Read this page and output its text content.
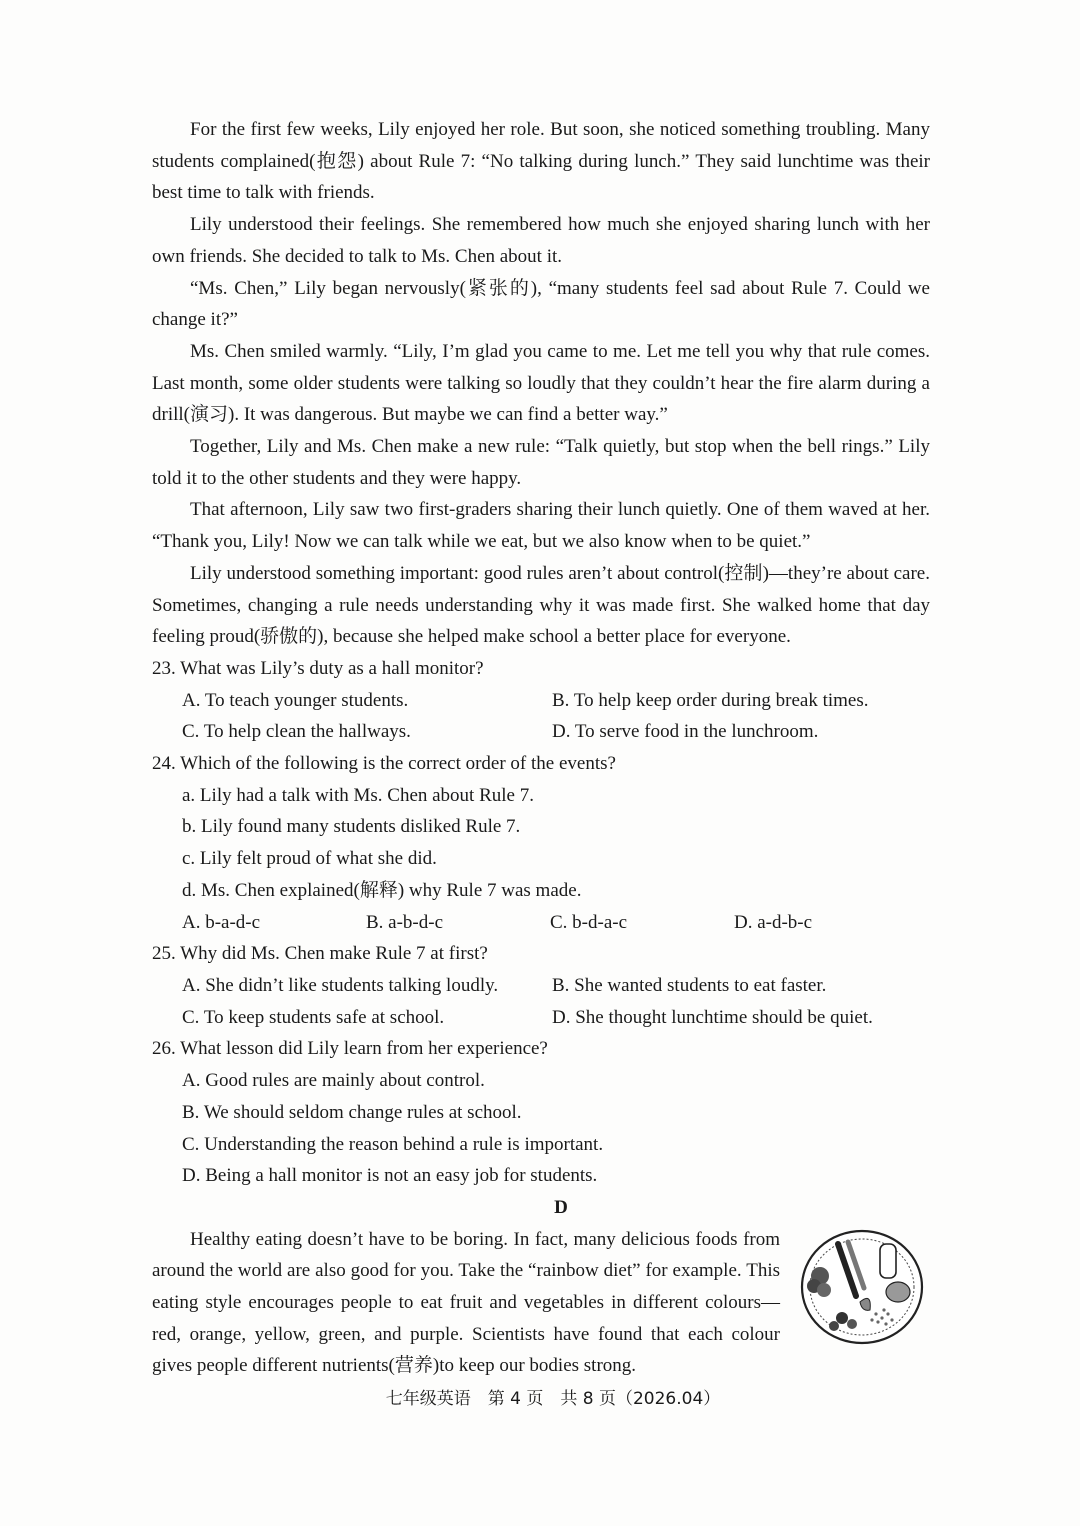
For the first few weeks, Lily enjoyed her role. But soon, she noticed something troubling. Many students complained(抱怨) about Rule 7: “No talking during lunch.” They said lunchtime was their best time to talk with friends.

Lily understood their feelings. She remembered how much she enjoyed sharing lunch with her own friends. She decided to talk to Ms. Chen about it.

“Ms. Chen,” Lily began nervously(紧张的), “many students feel sad about Rule 7. Could we change it?”

Ms. Chen smiled warmly. “Lily, I’m glad you came to me. Let me tell you why that rule comes. Last month, some older students were talking so loudly that they couldn’t hear the fire alarm during a drill(演习). It was dangerous. But maybe we can find a better way.”

Together, Lily and Ms. Chen make a new rule: “Talk quietly, but stop when the bell rings.” Lily told it to the other students and they were happy.

That afternoon, Lily saw two first-graders sharing their lunch quietly. One of them waved at her. “Thank you, Lily! Now we can talk while we eat, but we also know when to be quiet.”

Lily understood something important: good rules aren’t about control(控制)—they’re about care. Sometimes, changing a rule needs understanding why it was made first. She walked home that day feeling proud(骄傲的), because she helped make school a better place for everyone.

23. What was Lily’s duty as a hall monitor?

A. To teach younger students.	B. To help keep order during break times.
C. To help clean the hallways.	D. To serve food in the lunchroom.

24. Which of the following is the correct order of the events?

a. Lily had a talk with Ms. Chen about Rule 7.

b. Lily found many students disliked Rule 7.

c. Lily felt proud of what she did.

d. Ms. Chen explained(解释) why Rule 7 was made.

A. b-a-d-c	B. a-b-d-c	C. b-d-a-c	D. a-d-b-c

25. Why did Ms. Chen make Rule 7 at first?

A. She didn’t like students talking loudly.	B. She wanted students to eat faster.
C. To keep students safe at school.	D. She thought lunchtime should be quiet.

26. What lesson did Lily learn from her experience?

A. Good rules are mainly about control.

B. We should seldom change rules at school.

C. Understanding the reason behind a rule is important.

D. Being a hall monitor is not an easy job for students.

D

Healthy eating doesn’t have to be boring. In fact, many delicious foods from around the world are also good for you. Take the “rainbow diet” for example. This eating style encourages people to eat fruit and vegetables in different colours—red, orange, yellow, green, and purple. Scientists have found that each colour gives people different nutrients(营养)to keep our bodies strong.

七年级英语　第 4 页　共 8 页（2026.04）
